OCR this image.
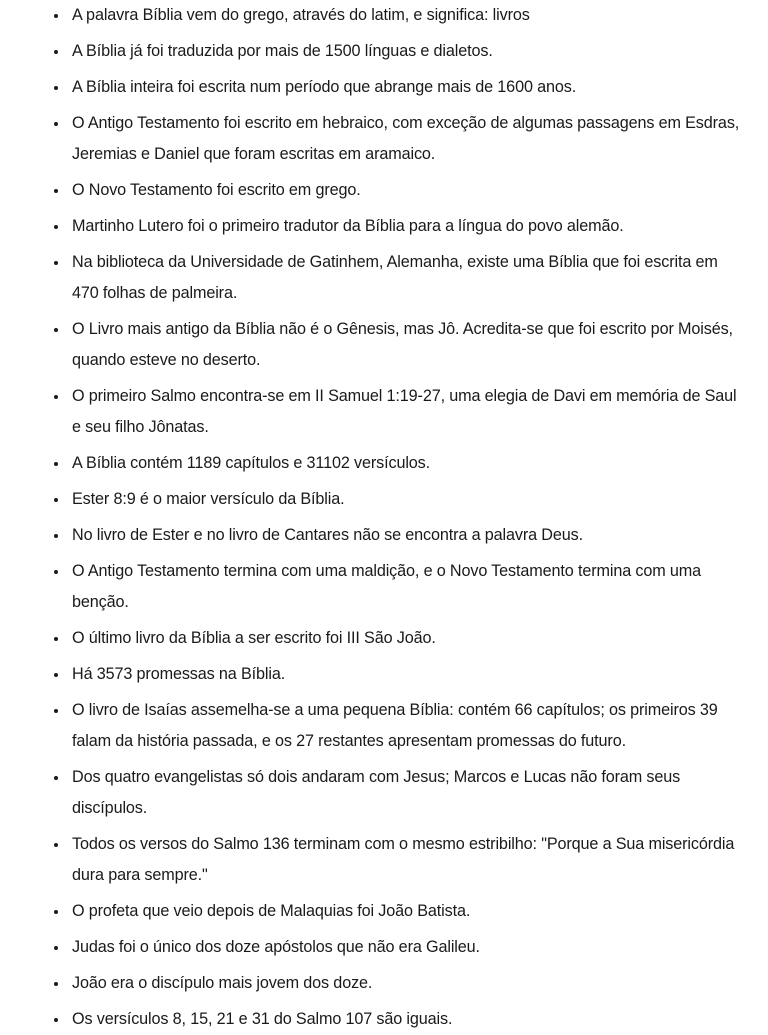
A palavra Bíblia vem do grego, através do latim, e significa: livros
A Bíblia já foi traduzida por mais de 1500 línguas e dialetos.
A Bíblia inteira foi escrita num período que abrange mais de 1600 anos.
O Antigo Testamento foi escrito em hebraico, com exceção de algumas passagens em Esdras, Jeremias e Daniel que foram escritas em aramaico.
O Novo Testamento foi escrito em grego.
Martinho Lutero foi o primeiro tradutor da Bíblia para a língua do povo alemão.
Na biblioteca da Universidade de Gatinhem, Alemanha, existe uma Bíblia que foi escrita em 470 folhas de palmeira.
O Livro mais antigo da Bíblia não é o Gênesis, mas Jô. Acredita-se que foi escrito por Moisés, quando esteve no deserto.
O primeiro Salmo encontra-se em II Samuel 1:19-27, uma elegia de Davi em memória de Saul e seu filho Jônatas.
A Bíblia contém 1189 capítulos e 31102 versículos.
Ester 8:9 é o maior versículo da Bíblia.
No livro de Ester e no livro de Cantares não se encontra a palavra Deus.
O Antigo Testamento termina com uma maldição, e o Novo Testamento termina com uma benção.
O último livro da Bíblia a ser escrito foi III São João.
Há 3573 promessas na Bíblia.
O livro de Isaías assemelha-se a uma pequena Bíblia: contém 66 capítulos; os primeiros 39 falam da história passada, e os 27 restantes apresentam promessas do futuro.
Dos quatro evangelistas só dois andaram com Jesus; Marcos e Lucas não foram seus discípulos.
Todos os versos do Salmo 136 terminam com o mesmo estribilho: "Porque a Sua misericórdia dura para sempre."
O profeta que veio depois de Malaquias foi João Batista.
Judas foi o único dos doze apóstolos que não era Galileu.
João era o discípulo mais jovem dos doze.
Os versículos 8, 15, 21 e 31 do Salmo 107 são iguais.
